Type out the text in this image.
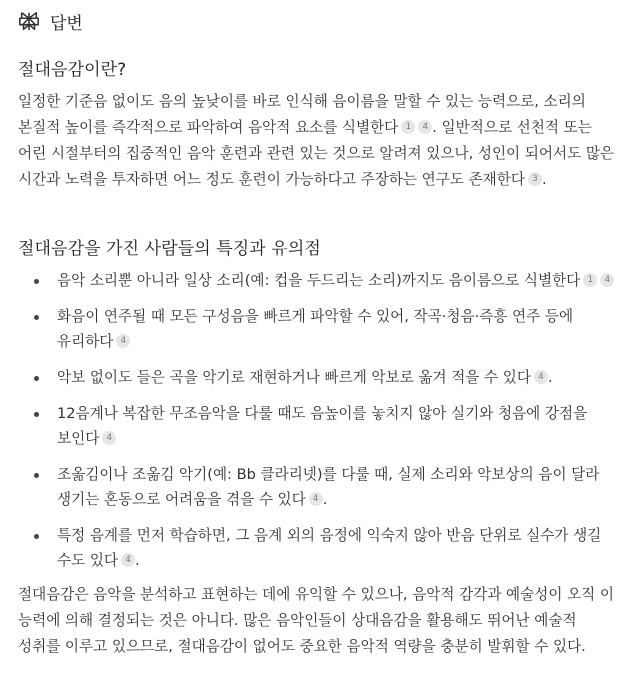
답변
절대음감이란?
일정한 기준음 없이도 음의 높낮이를 바로 인식해 음이름을 말할 수 있는 능력으로, 소리의 본질적 높이를 즉각적으로 파악하여 음악적 요소를 식별한다 1 4 . 일반적으로 선천적 또는 어린 시절부터의 집중적인 음악 훈련과 관련 있는 것으로 알려져 있으나, 성인이 되어서도 많은 시간과 노력을 투자하면 어느 정도 훈련이 가능하다고 주장하는 연구도 존재한다 3 .
절대음감을 가진 사람들의 특징과 유의점
음악 소리뿐 아니라 일상 소리(예: 컵을 두드리는 소리)까지도 음이름으로 식별한다 1 4
화음이 연주될 때 모든 구성음을 빠르게 파악할 수 있어, 작곡·청음·즉흥 연주 등에 유리하다 4
악보 없이도 들은 곡을 악기로 재현하거나 빠르게 악보로 옮겨 적을 수 있다 4 .
12음계나 복잡한 무조음악을 다룰 때도 음높이를 놓치지 않아 실기와 청음에 강점을 보인다 4
조옮김이나 조옮김 악기(예: Bb 클라리넷)를 다룰 때, 실제 소리와 악보상의 음이 달라 생기는 혼동으로 어려움을 겪을 수 있다 4 .
특정 음계를 먼저 학습하면, 그 음계 외의 음정에 익숙지 않아 반음 단위로 실수가 생길 수도 있다 4 .
절대음감은 음악을 분석하고 표현하는 데에 유익할 수 있으나, 음악적 감각과 예술성이 오직 이 능력에 의해 결정되는 것은 아니다. 많은 음악인들이 상대음감을 활용해도 뛰어난 예술적 성취를 이루고 있으므로, 절대음감이 없어도 중요한 음악적 역량을 충분히 발휘할 수 있다.
